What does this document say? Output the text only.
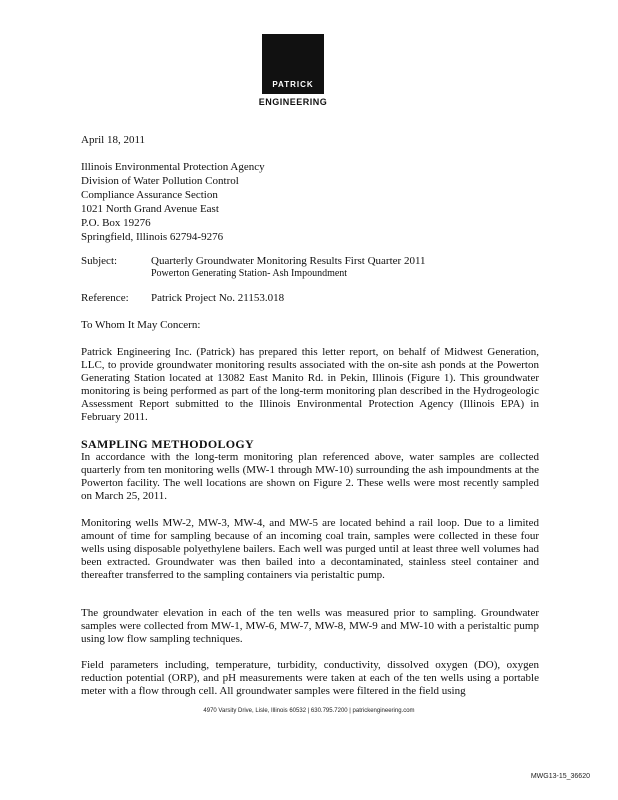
PATRICK
ENGINEERING
April 18, 2011
Illinois Environmental Protection Agency
Division of Water Pollution Control
Compliance Assurance Section
1021 North Grand Avenue East
P.O. Box 19276
Springfield, Illinois 62794-9276
Subject:	Quarterly Groundwater Monitoring Results First Quarter 2011
Powerton Generating Station- Ash Impoundment
Reference: Patrick Project No. 21153.018
To Whom It May Concern:
Patrick Engineering Inc. (Patrick) has prepared this letter report, on behalf of Midwest Generation, LLC, to provide groundwater monitoring results associated with the on-site ash ponds at the Powerton Generating Station located at 13082 East Manito Rd. in Pekin, Illinois (Figure 1). This groundwater monitoring is being performed as part of the long-term monitoring plan described in the Hydrogeologic Assessment Report submitted to the Illinois Environmental Protection Agency (Illinois EPA) in February 2011.
SAMPLING METHODOLOGY
In accordance with the long-term monitoring plan referenced above, water samples are collected quarterly from ten monitoring wells (MW-1 through MW-10) surrounding the ash impoundments at the Powerton facility. The well locations are shown on Figure 2. These wells were most recently sampled on March 25, 2011.
Monitoring wells MW-2, MW-3, MW-4, and MW-5 are located behind a rail loop. Due to a limited amount of time for sampling because of an incoming coal train, samples were collected in these four wells using disposable polyethylene bailers. Each well was purged until at least three well volumes had been extracted. Groundwater was then bailed into a decontaminated, stainless steel container and thereafter transferred to the sampling containers via peristaltic pump.
The groundwater elevation in each of the ten wells was measured prior to sampling. Groundwater samples were collected from MW-1, MW-6, MW-7, MW-8, MW-9 and MW-10 with a peristaltic pump using low flow sampling techniques.
Field parameters including, temperature, turbidity, conductivity, dissolved oxygen (DO), oxygen reduction potential (ORP), and pH measurements were taken at each of the ten wells using a portable meter with a flow through cell. All groundwater samples were filtered in the field using
4970 Varsity Drive, Lisle, Illinois 60532 | 630.795.7200 | patrickengineering.com
MWG13-15_36620
